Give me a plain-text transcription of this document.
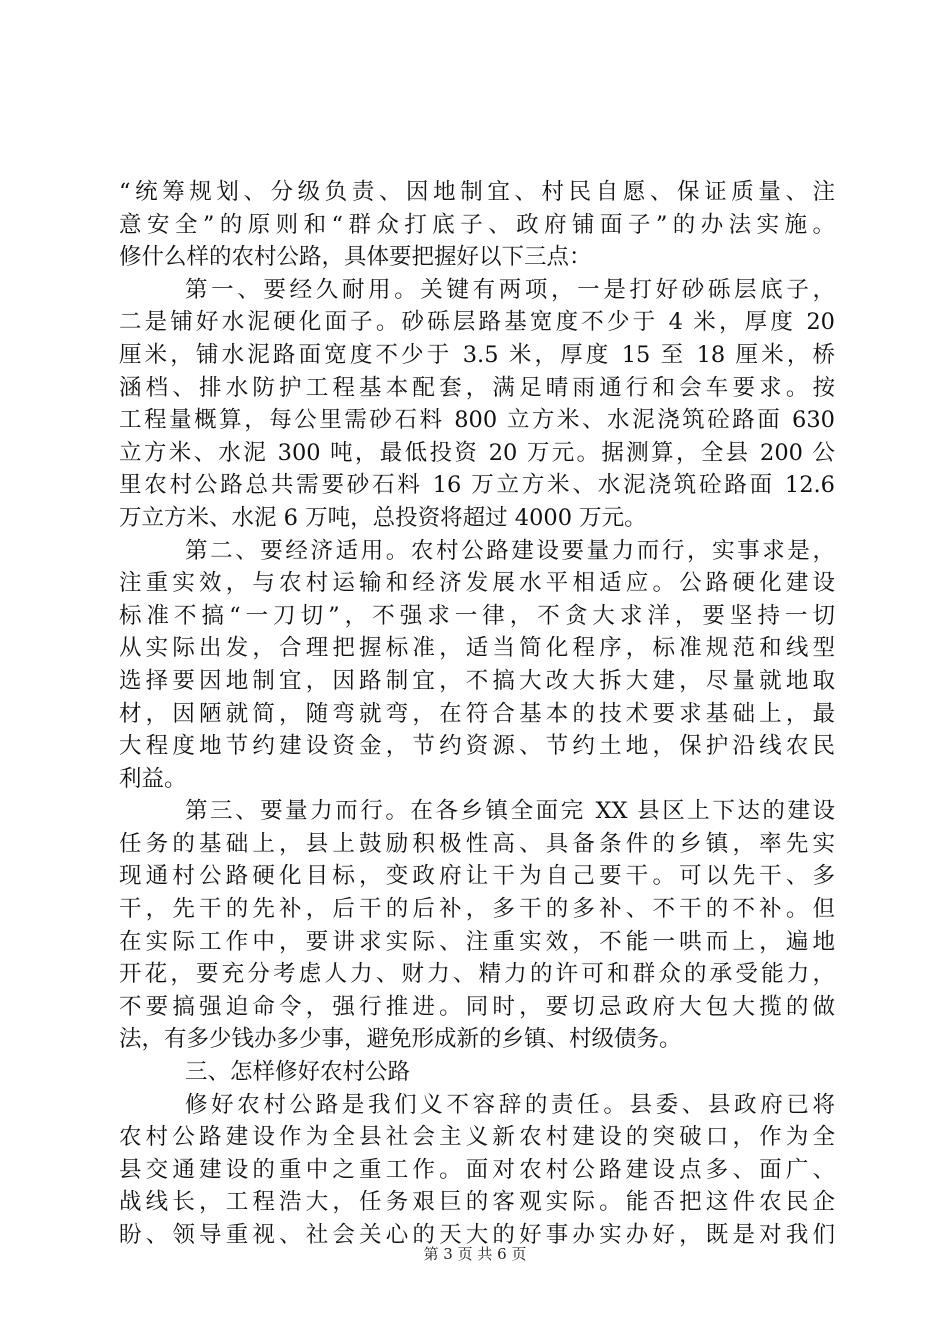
“统筹规划、分级负责、因地制宜、村民自愿、保证质量、注
意安全”的原则和“群众打底子、政府铺面子”的办法实施。
修什么样的农村公路，具体要把握好以下三点：
第一、要经久耐用。关键有两项，一是打好砂砾层底子，
二是铺好水泥硬化面子。砂砾层路基宽度不少于 4 米，厚度 20
厘米，铺水泥路面宽度不少于 3.5 米，厚度 15 至 18 厘米，桥
涵档、排水防护工程基本配套，满足晴雨通行和会车要求。按
工程量概算，每公里需砂石料 800 立方米、水泥浇筑砼路面 630
立方米、水泥 300 吨，最低投资 20 万元。据测算，全县 200 公
里农村公路总共需要砂石料 16 万立方米、水泥浇筑砼路面 12.6
万立方米、水泥 6 万吨，总投资将超过 4000 万元。
第二、要经济适用。农村公路建设要量力而行，实事求是，
注重实效，与农村运输和经济发展水平相适应。公路硬化建设
标准不搞“一刀切”，不强求一律，不贪大求洋，要坚持一切
从实际出发，合理把握标准，适当简化程序，标准规范和线型
选择要因地制宜，因路制宜，不搞大改大拆大建，尽量就地取
材，因陋就简，随弯就弯，在符合基本的技术要求基础上，最
大程度地节约建设资金，节约资源、节约土地，保护沿线农民
利益。
第三、要量力而行。在各乡镇全面完 XX 县区上下达的建设
任务的基础上，县上鼓励积极性高、具备条件的乡镇，率先实
现通村公路硬化目标，变政府让干为自己要干。可以先干、多
干，先干的先补，后干的后补，多干的多补、不干的不补。但
在实际工作中，要讲求实际、注重实效，不能一哄而上，遍地
开花，要充分考虑人力、财力、精力的许可和群众的承受能力，
不要搞强迫命令，强行推进。同时，要切忌政府大包大揽的做
法，有多少钱办多少事，避免形成新的乡镇、村级债务。
三、怎样修好农村公路
修好农村公路是我们义不容辞的责任。县委、县政府已将
农村公路建设作为全县社会主义新农村建设的突破口，作为全
县交通建设的重中之重工作。面对农村公路建设点多、面广、
战线长，工程浩大，任务艰巨的客观实际。能否把这件农民企
盼、领导重视、社会关心的天大的好事办实办好，既是对我们
第 3 页 共 6 页
